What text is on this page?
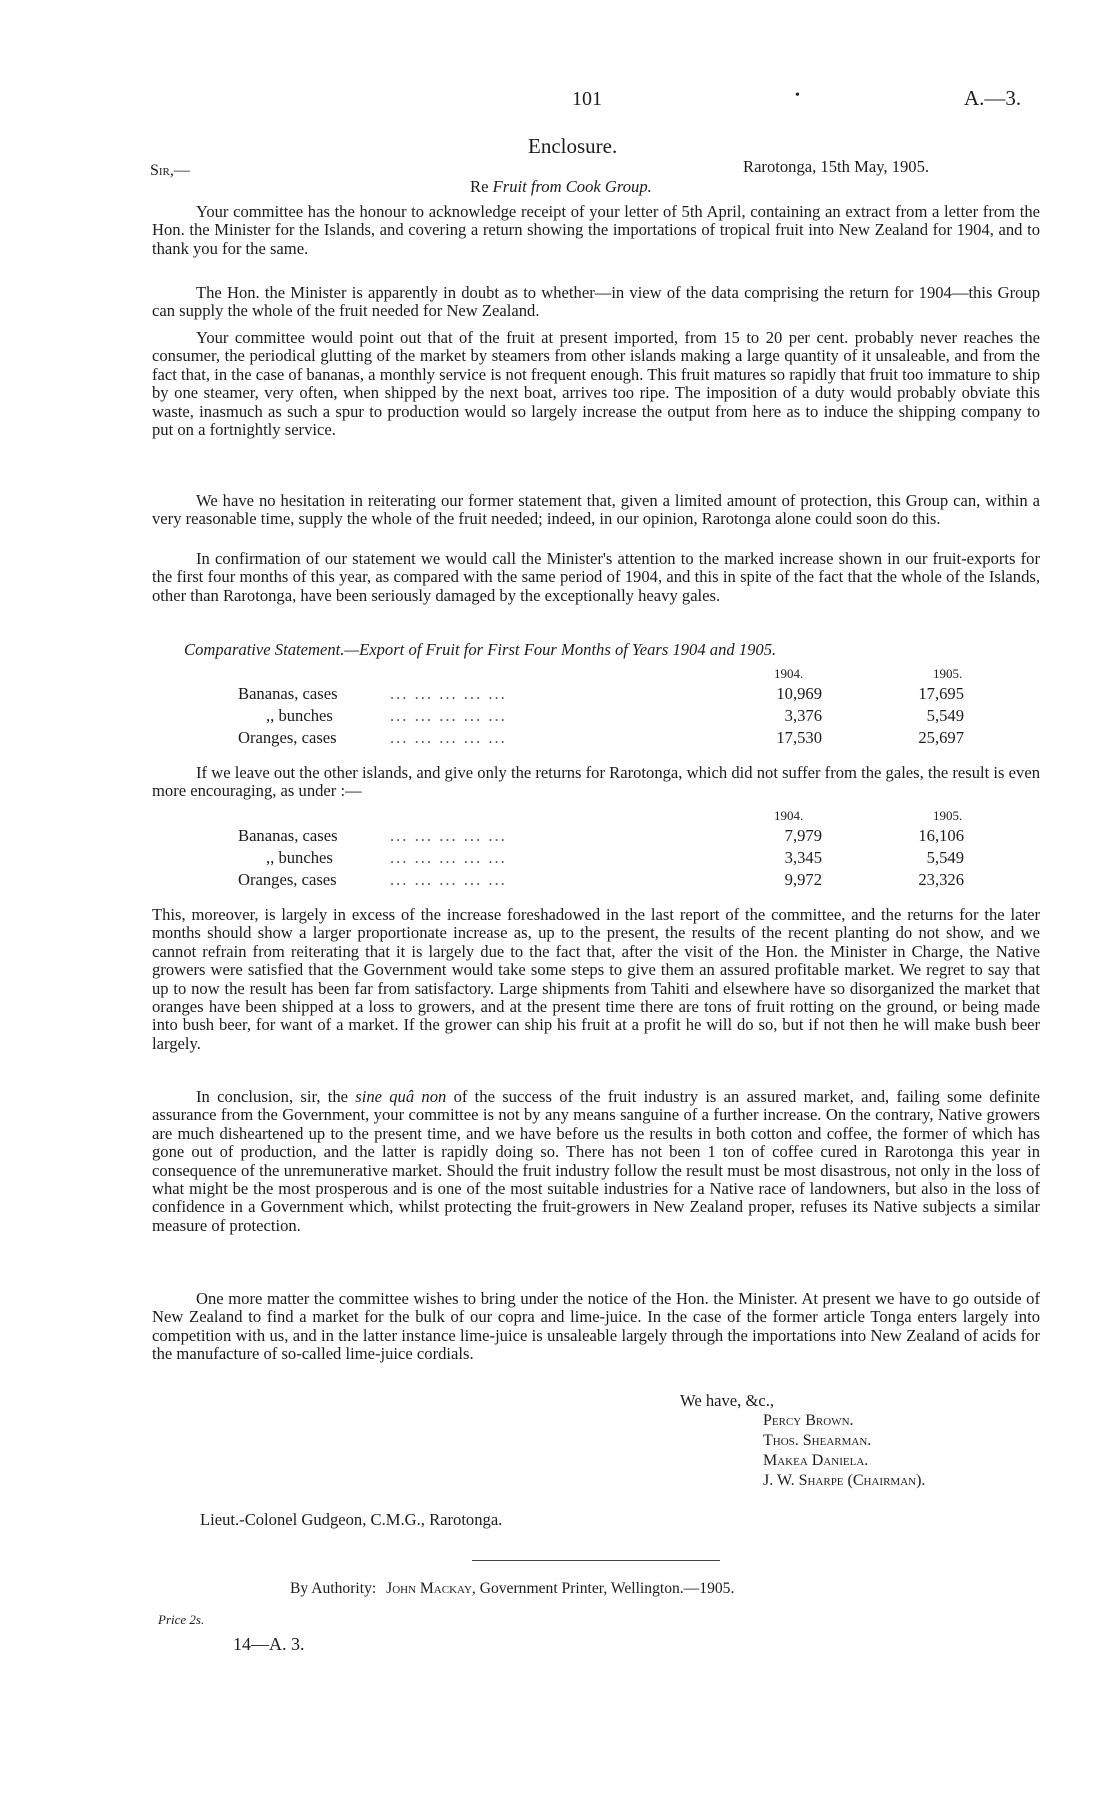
101	•	A.—3.
Enclosure.
Sir,—	Rarotonga, 15th May, 1905.
Re Fruit from Cook Group.
Your committee has the honour to acknowledge receipt of your letter of 5th April, containing an extract from a letter from the Hon. the Minister for the Islands, and covering a return showing the importations of tropical fruit into New Zealand for 1904, and to thank you for the same.
The Hon. the Minister is apparently in doubt as to whether—in view of the data comprising the return for 1904—this Group can supply the whole of the fruit needed for New Zealand.
Your committee would point out that of the fruit at present imported, from 15 to 20 per cent. probably never reaches the consumer, the periodical glutting of the market by steamers from other islands making a large quantity of it unsaleable, and from the fact that, in the case of bananas, a monthly service is not frequent enough. This fruit matures so rapidly that fruit too immature to ship by one steamer, very often, when shipped by the next boat, arrives too ripe. The imposition of a duty would probably obviate this waste, inasmuch as such a spur to production would so largely increase the output from here as to induce the shipping company to put on a fortnightly service.
We have no hesitation in reiterating our former statement that, given a limited amount of protection, this Group can, within a very reasonable time, supply the whole of the fruit needed; indeed, in our opinion, Rarotonga alone could soon do this.
In confirmation of our statement we would call the Minister's attention to the marked increase shown in our fruit-exports for the first four months of this year, as compared with the same period of 1904, and this in spite of the fact that the whole of the Islands, other than Rarotonga, have been seriously damaged by the exceptionally heavy gales.
Comparative Statement.—Export of Fruit for First Four Months of Years 1904 and 1905.
1904.	1905.
Bananas, cases	... ... ... ... ...	10,969	17,695
,, bunches	... ... ... ... ...	3,376	5,549
Oranges, cases	... ... ... ... ...	17,530	25,697
If we leave out the other islands, and give only the returns for Rarotonga, which did not suffer from the gales, the result is even more encouraging, as under :—
1904.	1905.
Bananas, cases	... ... ... ... ...	7,979	16,106
,, bunches	... ... ... ... ...	3,345	5,549
Oranges, cases	... ... ... ... ...	9,972	23,326
This, moreover, is largely in excess of the increase foreshadowed in the last report of the committee, and the returns for the later months should show a larger proportionate increase as, up to the present, the results of the recent planting do not show, and we cannot refrain from reiterating that it is largely due to the fact that, after the visit of the Hon. the Minister in Charge, the Native growers were satisfied that the Government would take some steps to give them an assured profitable market. We regret to say that up to now the result has been far from satisfactory. Large shipments from Tahiti and elsewhere have so disorganized the market that oranges have been shipped at a loss to growers, and at the present time there are tons of fruit rotting on the ground, or being made into bush beer, for want of a market. If the grower can ship his fruit at a profit he will do so, but if not then he will make bush beer largely.
In conclusion, sir, the sine quâ non of the success of the fruit industry is an assured market, and, failing some definite assurance from the Government, your committee is not by any means sanguine of a further increase. On the contrary, Native growers are much disheartened up to the present time, and we have before us the results in both cotton and coffee, the former of which has gone out of production, and the latter is rapidly doing so. There has not been 1 ton of coffee cured in Rarotonga this year in consequence of the unremunerative market. Should the fruit industry follow the result must be most disastrous, not only in the loss of what might be the most prosperous and is one of the most suitable industries for a Native race of landowners, but also in the loss of confidence in a Government which, whilst protecting the fruit-growers in New Zealand proper, refuses its Native subjects a similar measure of protection.
One more matter the committee wishes to bring under the notice of the Hon. the Minister. At present we have to go outside of New Zealand to find a market for the bulk of our copra and lime-juice. In the case of the former article Tonga enters largely into competition with us, and in the latter instance lime-juice is unsaleable largely through the importations into New Zealand of acids for the manufacture of so-called lime-juice cordials.
We have, &c.,
Percy Brown.
Thos. Shearman.
Makea Daniela.
J. W. Sharpe (Chairman).
Lieut.-Colonel Gudgeon, C.M.G., Rarotonga.
By Authority: John Mackay, Government Printer, Wellington.—1905.
Price 2s.
14—A. 3.
